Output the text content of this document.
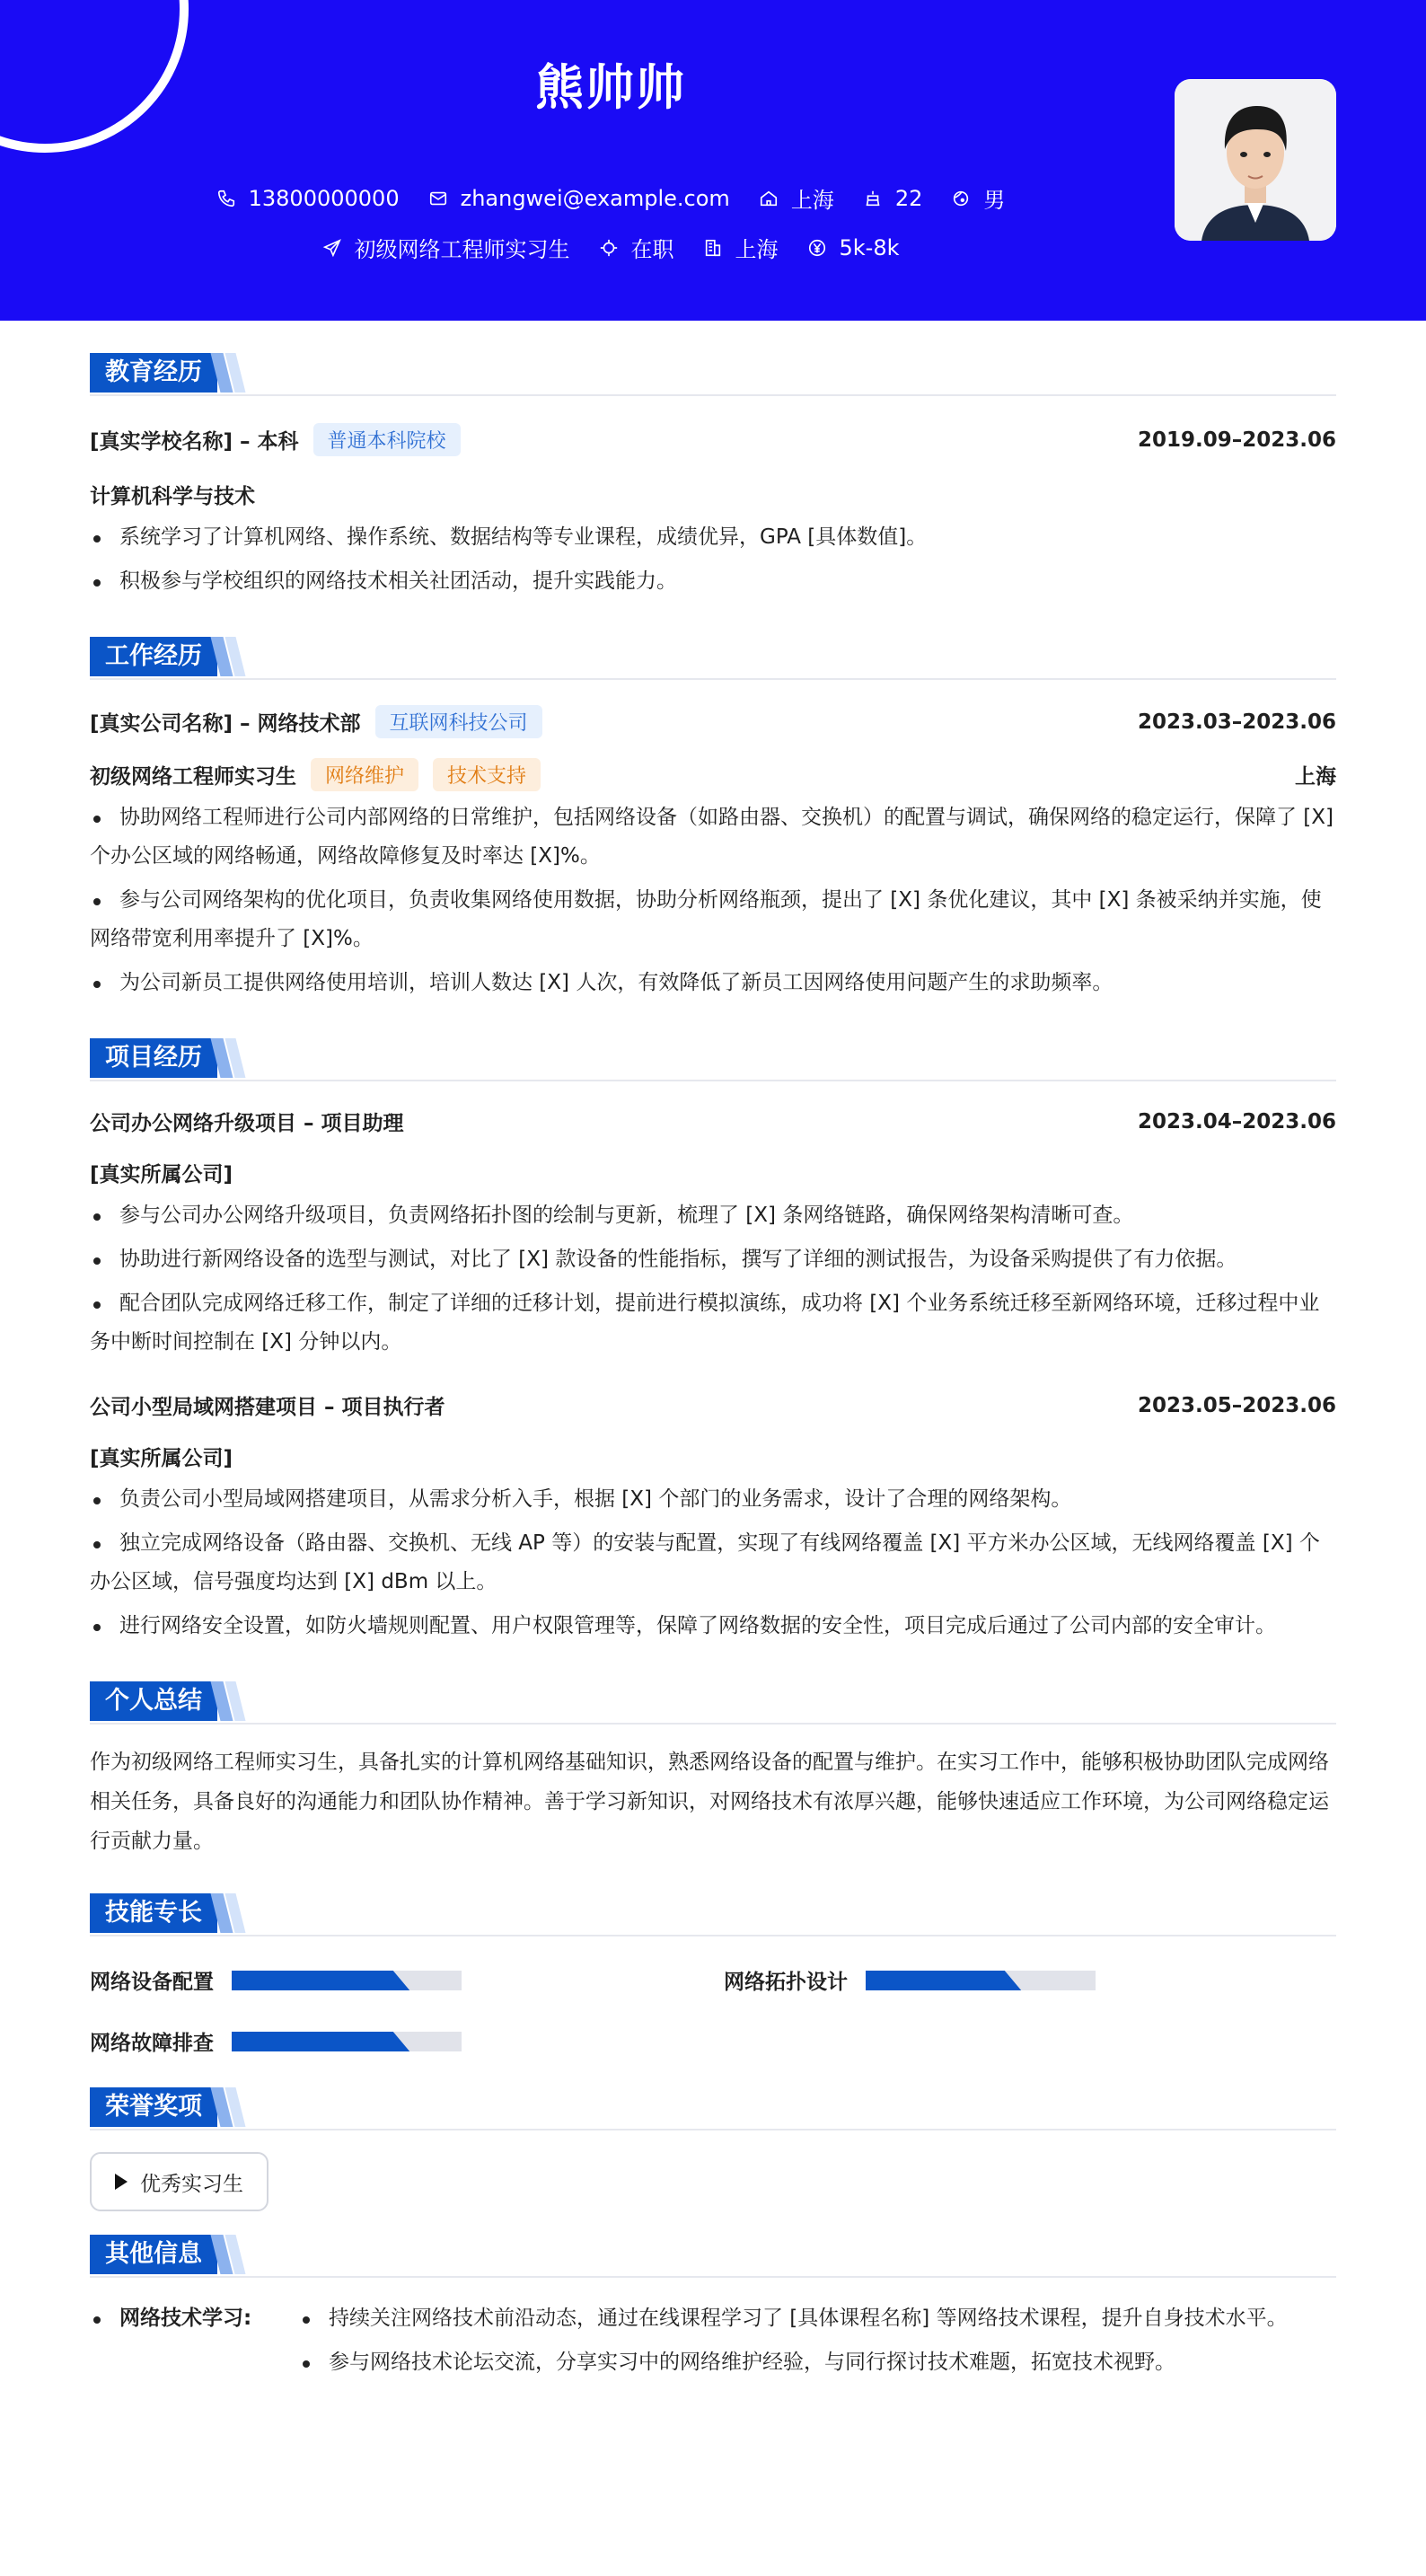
熊帅帅
13800000000	zhangwei@example.com	上海	22	男
初级网络工程师实习生	在职	上海	5k-8k
教育经历
[真实学校名称] – 本科	普通本科院校	2019.09–2023.06
计算机科学与技术
系统学习了计算机网络、操作系统、数据结构等专业课程，成绩优异，GPA [具体数值]。
积极参与学校组织的网络技术相关社团活动，提升实践能力。
工作经历
[真实公司名称] – 网络技术部	互联网科技公司	2023.03–2023.06
初级网络工程师实习生	网络维护	技术支持	上海
协助网络工程师进行公司内部网络的日常维护，包括网络设备（如路由器、交换机）的配置与调试，确保网络的稳定运行，保障了 [X] 个办公区域的网络畅通，网络故障修复及时率达 [X]%。
参与公司网络架构的优化项目，负责收集网络使用数据，协助分析网络瓶颈，提出了 [X] 条优化建议，其中 [X] 条被采纳并实施，使网络带宽利用率提升了 [X]%。
为公司新员工提供网络使用培训，培训人数达 [X] 人次，有效降低了新员工因网络使用问题产生的求助频率。
项目经历
公司办公网络升级项目 – 项目助理	2023.04–2023.06
[真实所属公司]
参与公司办公网络升级项目，负责网络拓扑图的绘制与更新，梳理了 [X] 条网络链路，确保网络架构清晰可查。
协助进行新网络设备的选型与测试，对比了 [X] 款设备的性能指标，撰写了详细的测试报告，为设备采购提供了有力依据。
配合团队完成网络迁移工作，制定了详细的迁移计划，提前进行模拟演练，成功将 [X] 个业务系统迁移至新网络环境，迁移过程中业务中断时间控制在 [X] 分钟以内。
公司小型局域网搭建项目 – 项目执行者	2023.05–2023.06
[真实所属公司]
负责公司小型局域网搭建项目，从需求分析入手，根据 [X] 个部门的业务需求，设计了合理的网络架构。
独立完成网络设备（路由器、交换机、无线 AP 等）的安装与配置，实现了有线网络覆盖 [X] 平方米办公区域，无线网络覆盖 [X] 个办公区域，信号强度均达到 [X] dBm 以上。
进行网络安全设置，如防火墙规则配置、用户权限管理等，保障了网络数据的安全性，项目完成后通过了公司内部的安全审计。
个人总结
作为初级网络工程师实习生，具备扎实的计算机网络基础知识，熟悉网络设备的配置与维护。在实习工作中，能够积极协助团队完成网络相关任务，具备良好的沟通能力和团队协作精神。善于学习新知识，对网络技术有浓厚兴趣，能够快速适应工作环境，为公司网络稳定运行贡献力量。
技能专长
网络设备配置	网络拓扑设计
网络故障排查
荣誉奖项
优秀实习生
其他信息
网络技术学习:	持续关注网络技术前沿动态，通过在线课程学习了 [具体课程名称] 等网络技术课程，提升自身技术水平。
参与网络技术论坛交流，分享实习中的网络维护经验，与同行探讨技术难题，拓宽技术视野。
